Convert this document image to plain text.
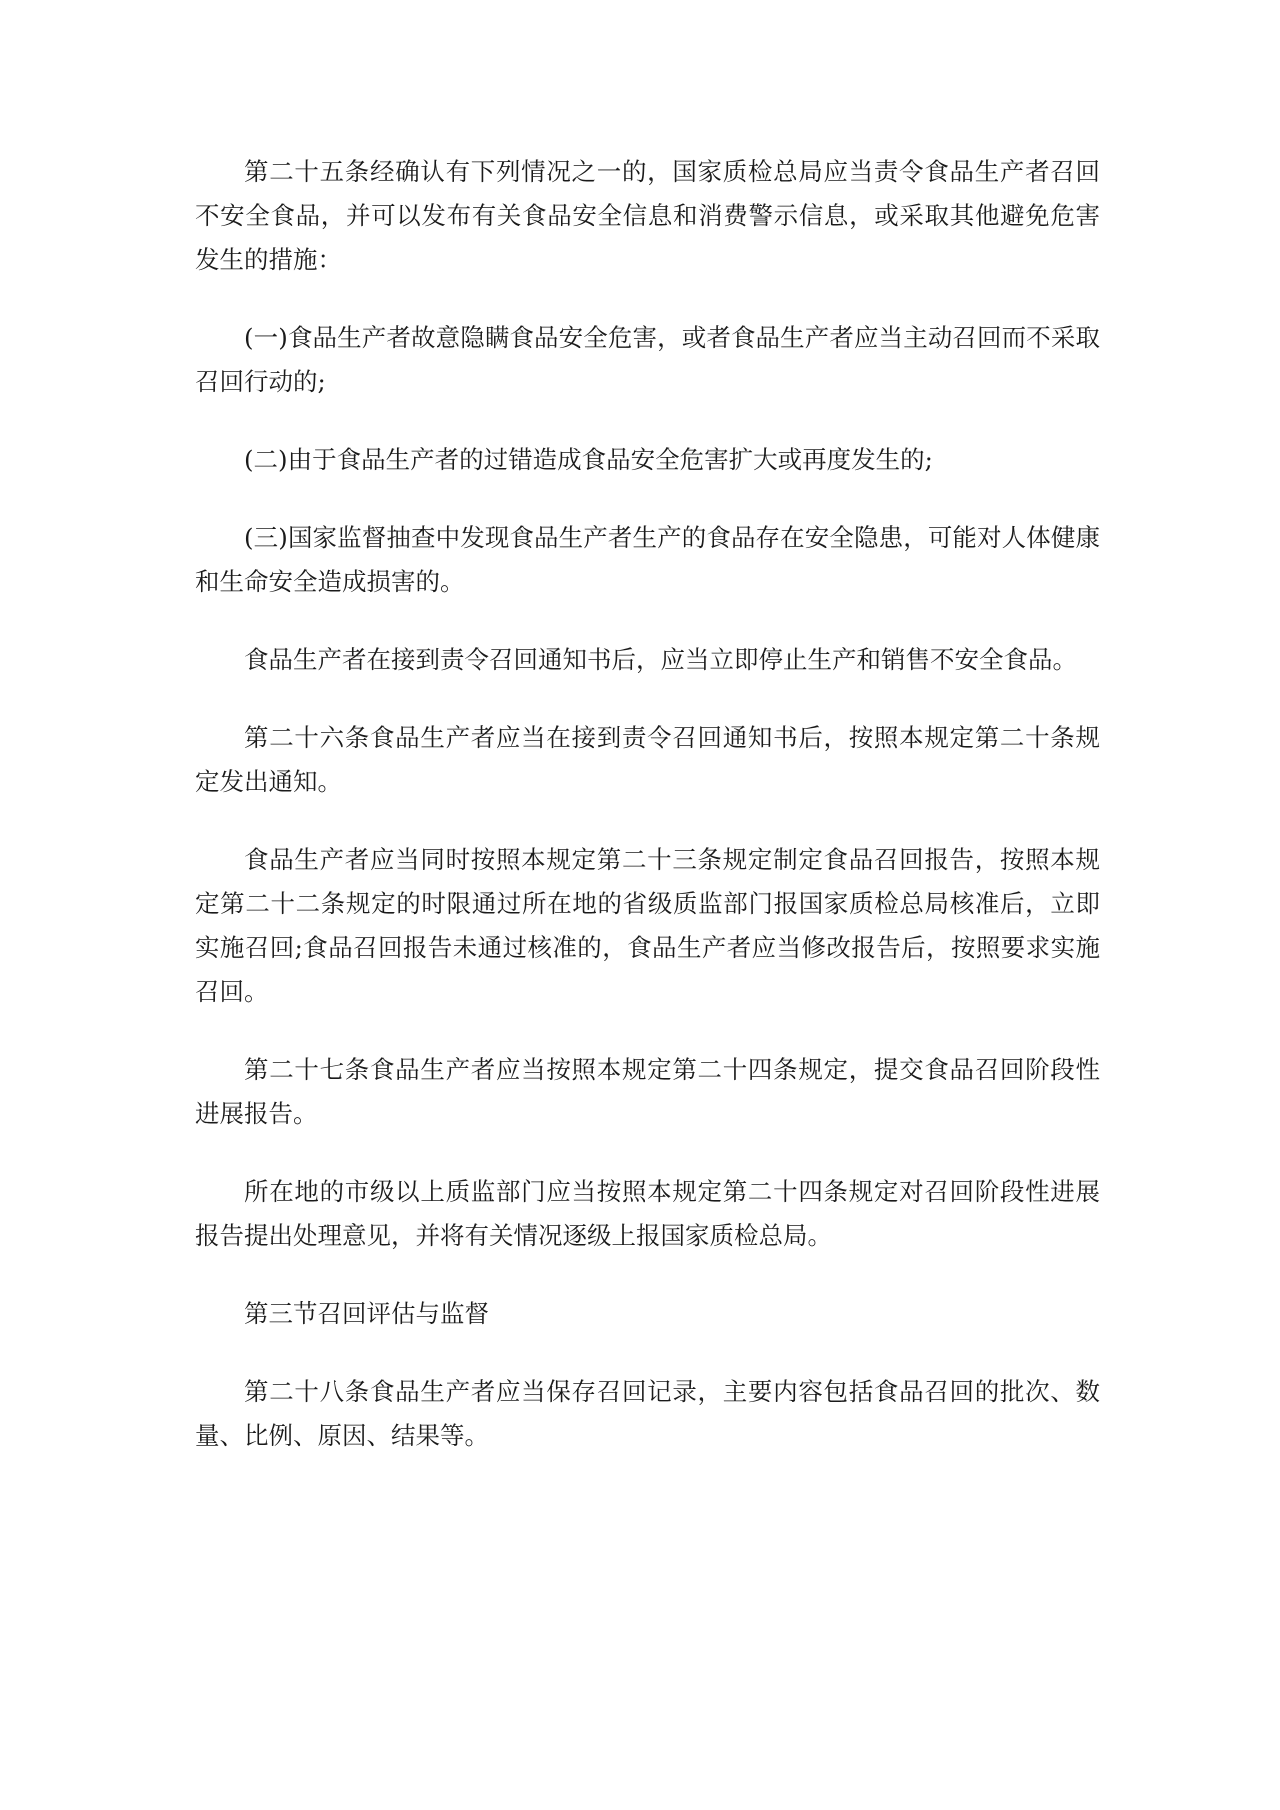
第二十五条经确认有下列情况之一的，国家质检总局应当责令食品生产者召回不安全食品，并可以发布有关食品安全信息和消费警示信息，或采取其他避免危害发生的措施：

(一)食品生产者故意隐瞒食品安全危害，或者食品生产者应当主动召回而不采取召回行动的;

(二)由于食品生产者的过错造成食品安全危害扩大或再度发生的;

(三)国家监督抽查中发现食品生产者生产的食品存在安全隐患，可能对人体健康和生命安全造成损害的。

食品生产者在接到责令召回通知书后，应当立即停止生产和销售不安全食品。

第二十六条食品生产者应当在接到责令召回通知书后，按照本规定第二十条规定发出通知。

食品生产者应当同时按照本规定第二十三条规定制定食品召回报告，按照本规定第二十二条规定的时限通过所在地的省级质监部门报国家质检总局核准后，立即实施召回;食品召回报告未通过核准的，食品生产者应当修改报告后，按照要求实施召回。

第二十七条食品生产者应当按照本规定第二十四条规定，提交食品召回阶段性进展报告。

所在地的市级以上质监部门应当按照本规定第二十四条规定对召回阶段性进展报告提出处理意见，并将有关情况逐级上报国家质检总局。

第三节召回评估与监督

第二十八条食品生产者应当保存召回记录，主要内容包括食品召回的批次、数量、比例、原因、结果等。
